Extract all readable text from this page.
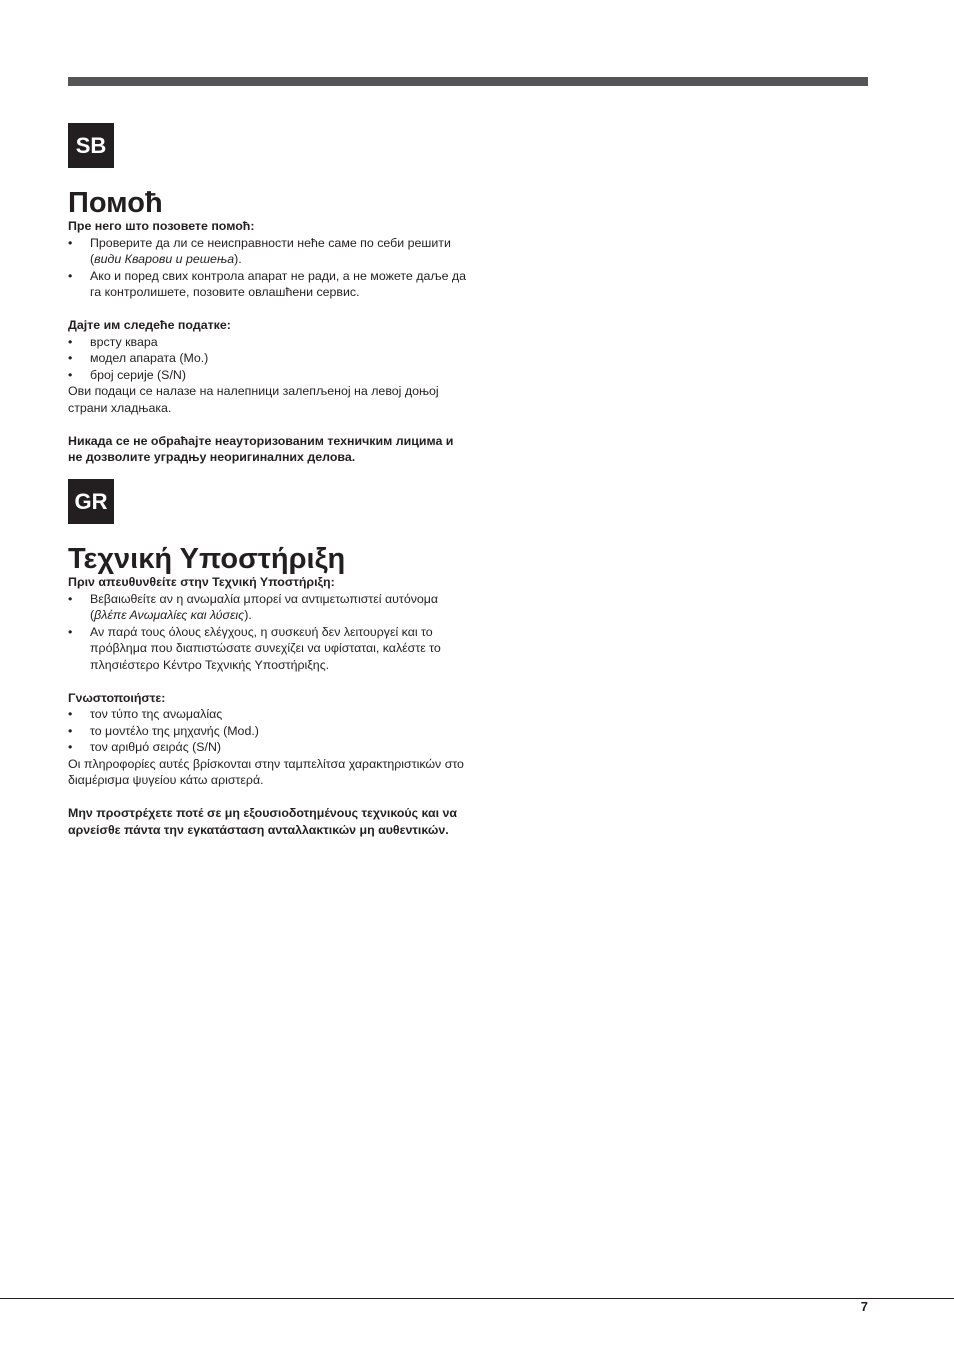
SB
Помоћ
Пре него што позовете помоћ:
• Проверите да ли се неисправности неће саме по себи решити (види Кварови и решења).
• Ако и поред свих контрола апарат не ради, а не можете даље да га контролишете, позовите овлашћени сервис.
Дајте им следеће податке:
• врсту квара
• модел апарата (Mo.)
• број серије (S/N)
Ови подаци се налазе на налепници залепљеној на левој доњој страни хладњака.
Никада се не обраћајте неауторизованим техничким лицима и не дозволите уградњу неоригиналних делова.
GR
Τεχνική Υποστήριξη
Πριν απευθυνθείτε στην Τεχνική Υποστήριξη:
• Βεβαιωθείτε αν η ανωμαλία μπορεί να αντιμετωπιστεί αυτόνομα (βλέπε Ανωμαλίες και λύσεις).
• Αν παρά τους όλους ελέγχους, η συσκευή δεν λειτουργεί και το πρόβλημα που διαπιστώσατε συνεχίζει να υφίσταται, καλέστε το πλησιέστερο Κέντρο Τεχνικής Υποστήριξης.
Γνωστοποιήστε:
• τον τύπο της ανωμαλίας
• το μοντέλο της μηχανής (Mod.)
• τον αριθμό σειράς (S/N)
Οι πληροφορίες αυτές βρίσκονται στην ταμπελίτσα χαρακτηριστικών στο διαμέρισμα ψυγείου κάτω αριστερά.
Μην προστρέχετε ποτέ σε μη εξουσιοδοτημένους τεχνικούς και να αρνείσθε πάντα την εγκατάσταση ανταλλακτικών μη αυθεντικών.
7
